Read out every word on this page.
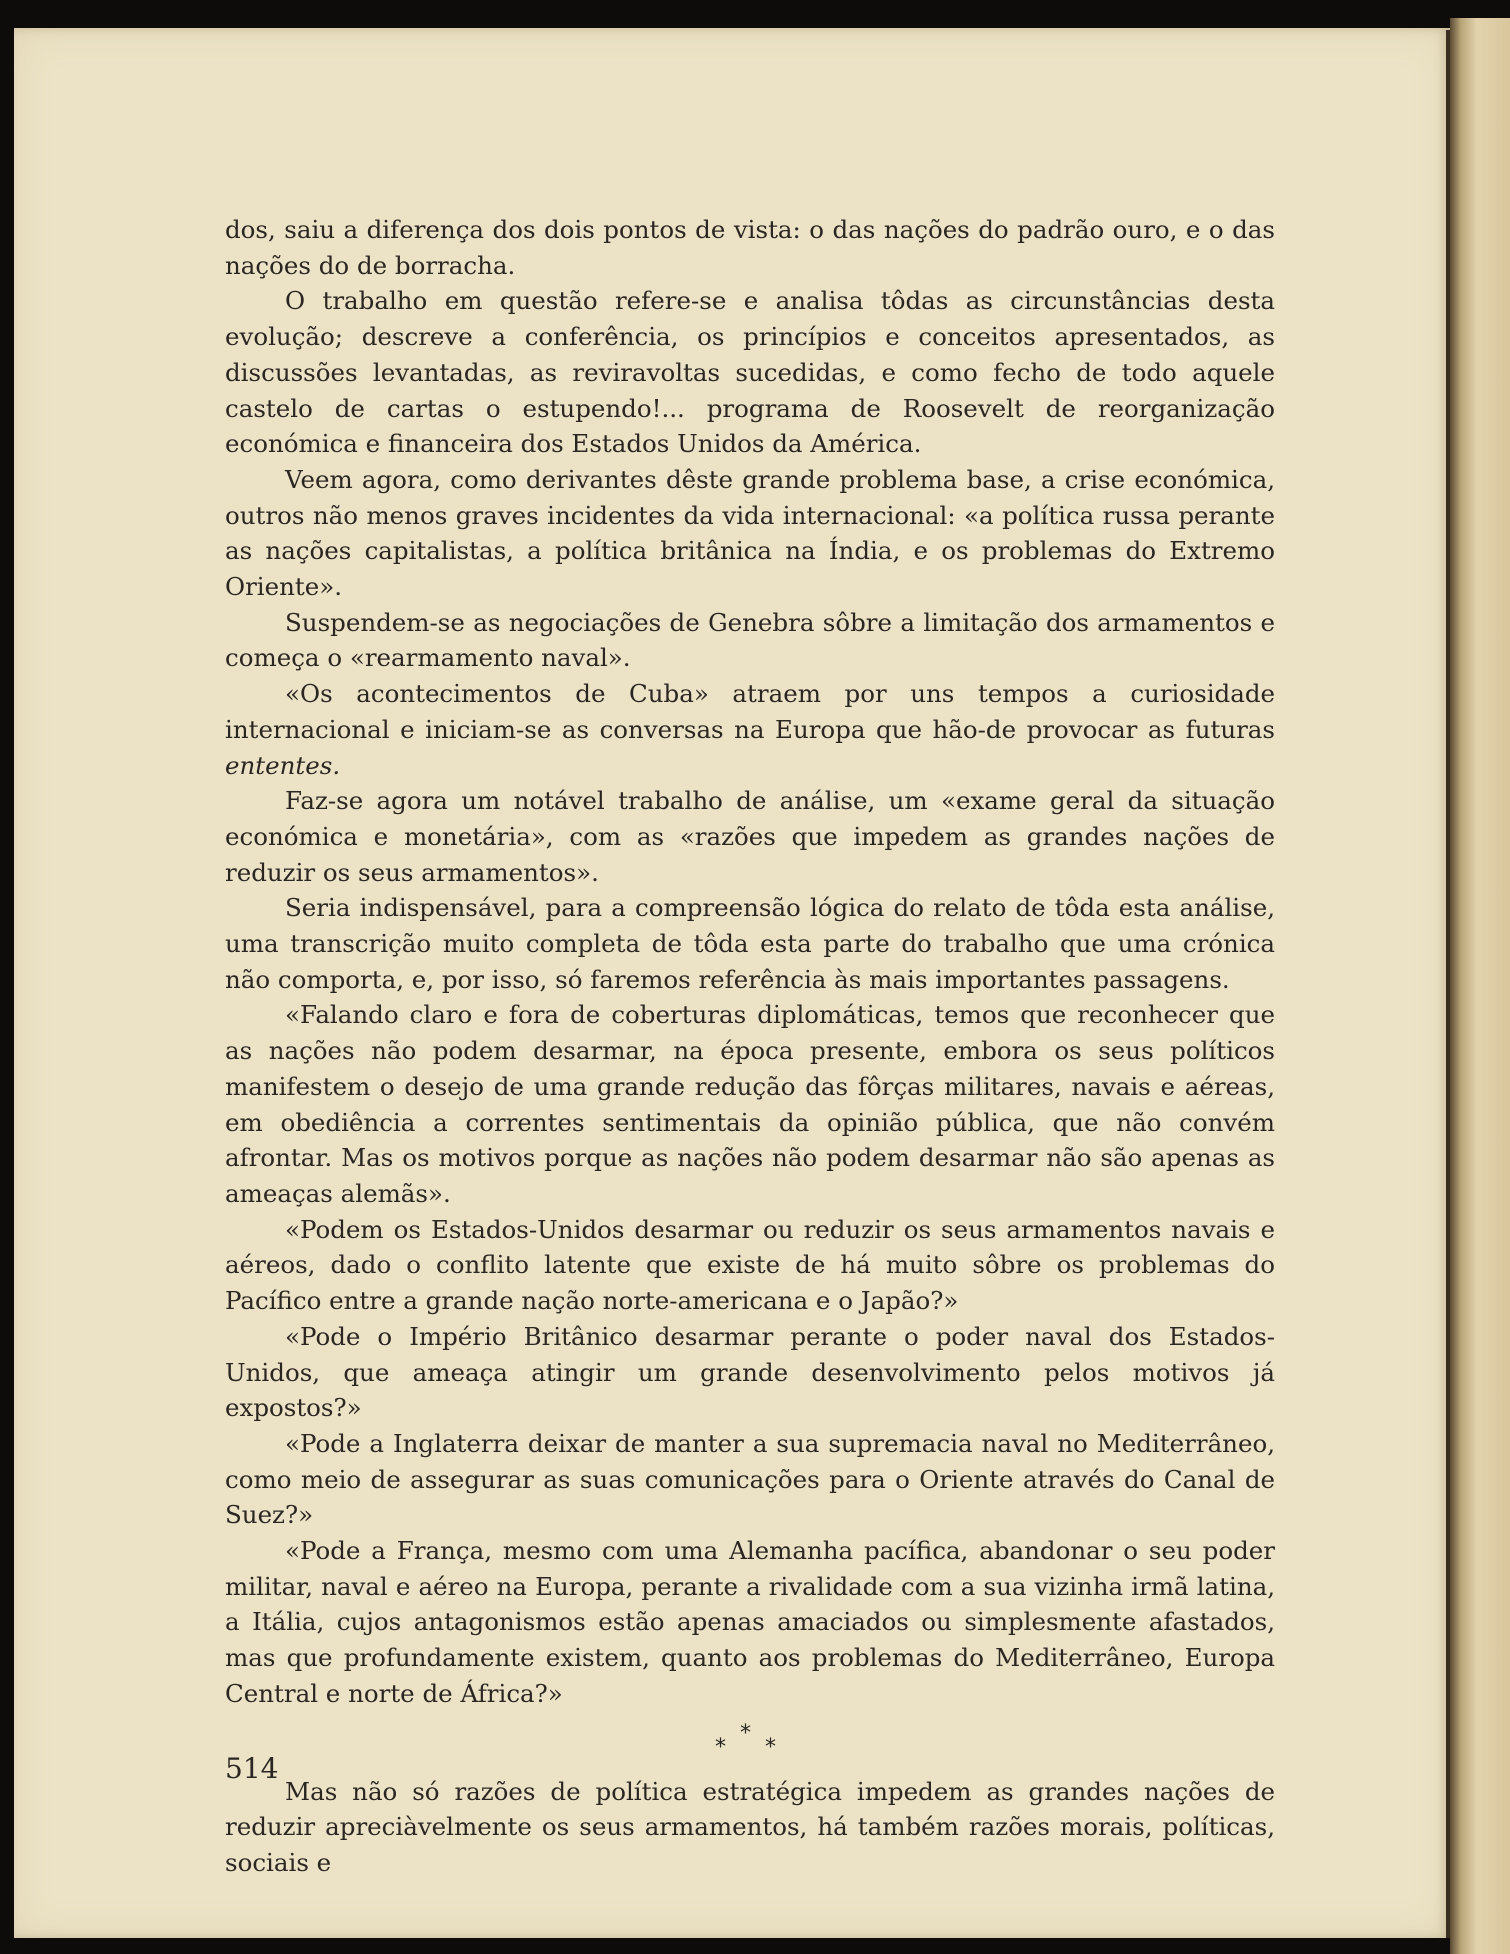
dos, saiu a diferença dos dois pontos de vista: o das nações do padrão ouro, e o das nações do de borracha.

O trabalho em questão refere-se e analisa tôdas as circunstâncias desta evolução; descreve a conferência, os princípios e conceitos apresentados, as discussões levantadas, as reviravoltas sucedidas, e como fecho de todo aquele castelo de cartas o estupendo!... programa de Roosevelt de reorganização económica e financeira dos Estados Unidos da América.

Veem agora, como derivantes dêste grande problema base, a crise económica, outros não menos graves incidentes da vida internacional: «a política russa perante as nações capitalistas, a política britânica na Índia, e os problemas do Extremo Oriente».

Suspendem-se as negociações de Genebra sôbre a limitação dos armamentos e começa o «rearmamento naval».

«Os acontecimentos de Cuba» atraem por uns tempos a curiosidade internacional e iniciam-se as conversas na Europa que hão-de provocar as futuras ententes.

Faz-se agora um notável trabalho de análise, um «exame geral da situação económica e monetária», com as «razões que impedem as grandes nações de reduzir os seus armamentos».

Seria indispensável, para a compreensão lógica do relato de tôda esta análise, uma transcrição muito completa de tôda esta parte do trabalho que uma crónica não comporta, e, por isso, só faremos referência às mais importantes passagens.

«Falando claro e fora de coberturas diplomáticas, temos que reconhecer que as nações não podem desarmar, na época presente, embora os seus políticos manifestem o desejo de uma grande redução das fôrças militares, navais e aéreas, em obediência a correntes sentimentais da opinião pública, que não convém afrontar. Mas os motivos porque as nações não podem desarmar não são apenas as ameaças alemãs».

«Podem os Estados-Unidos desarmar ou reduzir os seus armamentos navais e aéreos, dado o conflito latente que existe de há muito sôbre os problemas do Pacífico entre a grande nação norte-americana e o Japão?»

«Pode o Império Britânico desarmar perante o poder naval dos Estados-Unidos, que ameaça atingir um grande desenvolvimento pelos motivos já expostos?»

«Pode a Inglaterra deixar de manter a sua supremacia naval no Mediterrâneo, como meio de assegurar as suas comunicações para o Oriente através do Canal de Suez?»

«Pode a França, mesmo com uma Alemanha pacífica, abandonar o seu poder militar, naval e aéreo na Europa, perante a rivalidade com a sua vizinha irmã latina, a Itália, cujos antagonismos estão apenas amaciados ou simplesmente afastados, mas que profundamente existem, quanto aos problemas do Mediterrâneo, Europa Central e norte de África?»

*
* *

Mas não só razões de política estratégica impedem as grandes nações de reduzir apreciàvelmente os seus armamentos, há também razões morais, políticas, sociais e

514
